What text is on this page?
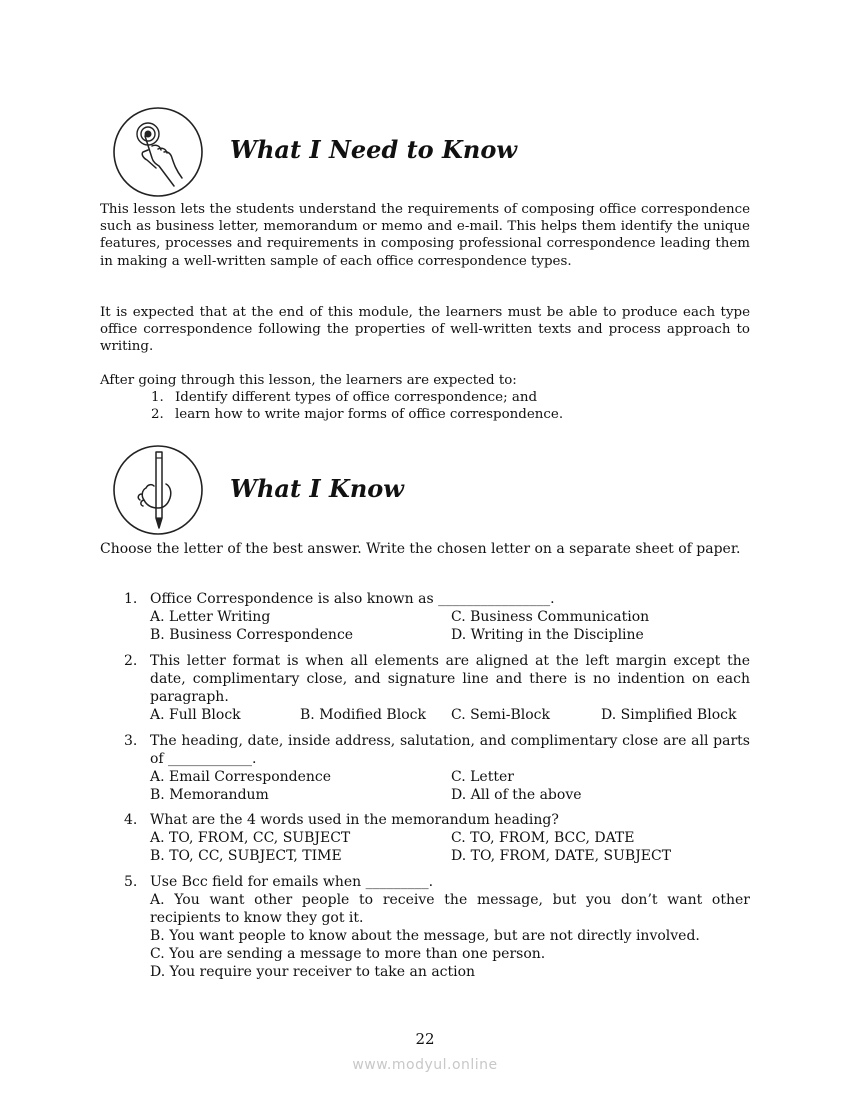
What I Need to Know

This lesson lets the students understand the requirements of composing office correspondence such as business letter, memorandum or memo and e-mail. This helps them identify the unique features, processes and requirements in composing professional correspondence leading them in making a well-written sample of each office correspondence types.

It is expected that at the end of this module, the learners must be able to produce each type office correspondence following the properties of well-written texts and process approach to writing.

After going through this lesson, the learners are expected to:

1. Identify different types of office correspondence; and
2. learn how to write major forms of office correspondence.
What I Know

Choose the letter of the best answer. Write the chosen letter on a separate sheet of paper.

1. Office Correspondence is also known as ________________.
A. Letter Writing	C. Business Communication
B. Business Correspondence	D. Writing in the Discipline
2. This letter format is when all elements are aligned at the left margin except the date, complimentary close, and signature line and there is no indention on each paragraph.
A. Full Block	B. Modified Block C. Semi-Block	D. Simplified Block
3. The heading, date, inside address, salutation, and complimentary close are all parts of ____________.
A. Email Correspondence	C. Letter
B. Memorandum	D. All of the above
4. What are the 4 words used in the memorandum heading?
A. TO, FROM, CC, SUBJECT	C. TO, FROM, BCC, DATE
B. TO, CC, SUBJECT, TIME	D. TO, FROM, DATE, SUBJECT
5. Use Bcc field for emails when _________.
A. You want other people to receive the message, but you don’t want other recipients to know they got it.
B. You want people to know about the message, but are not directly involved.
C. You are sending a message to more than one person.
D. You require your receiver to take an action
22
www.modyul.online
